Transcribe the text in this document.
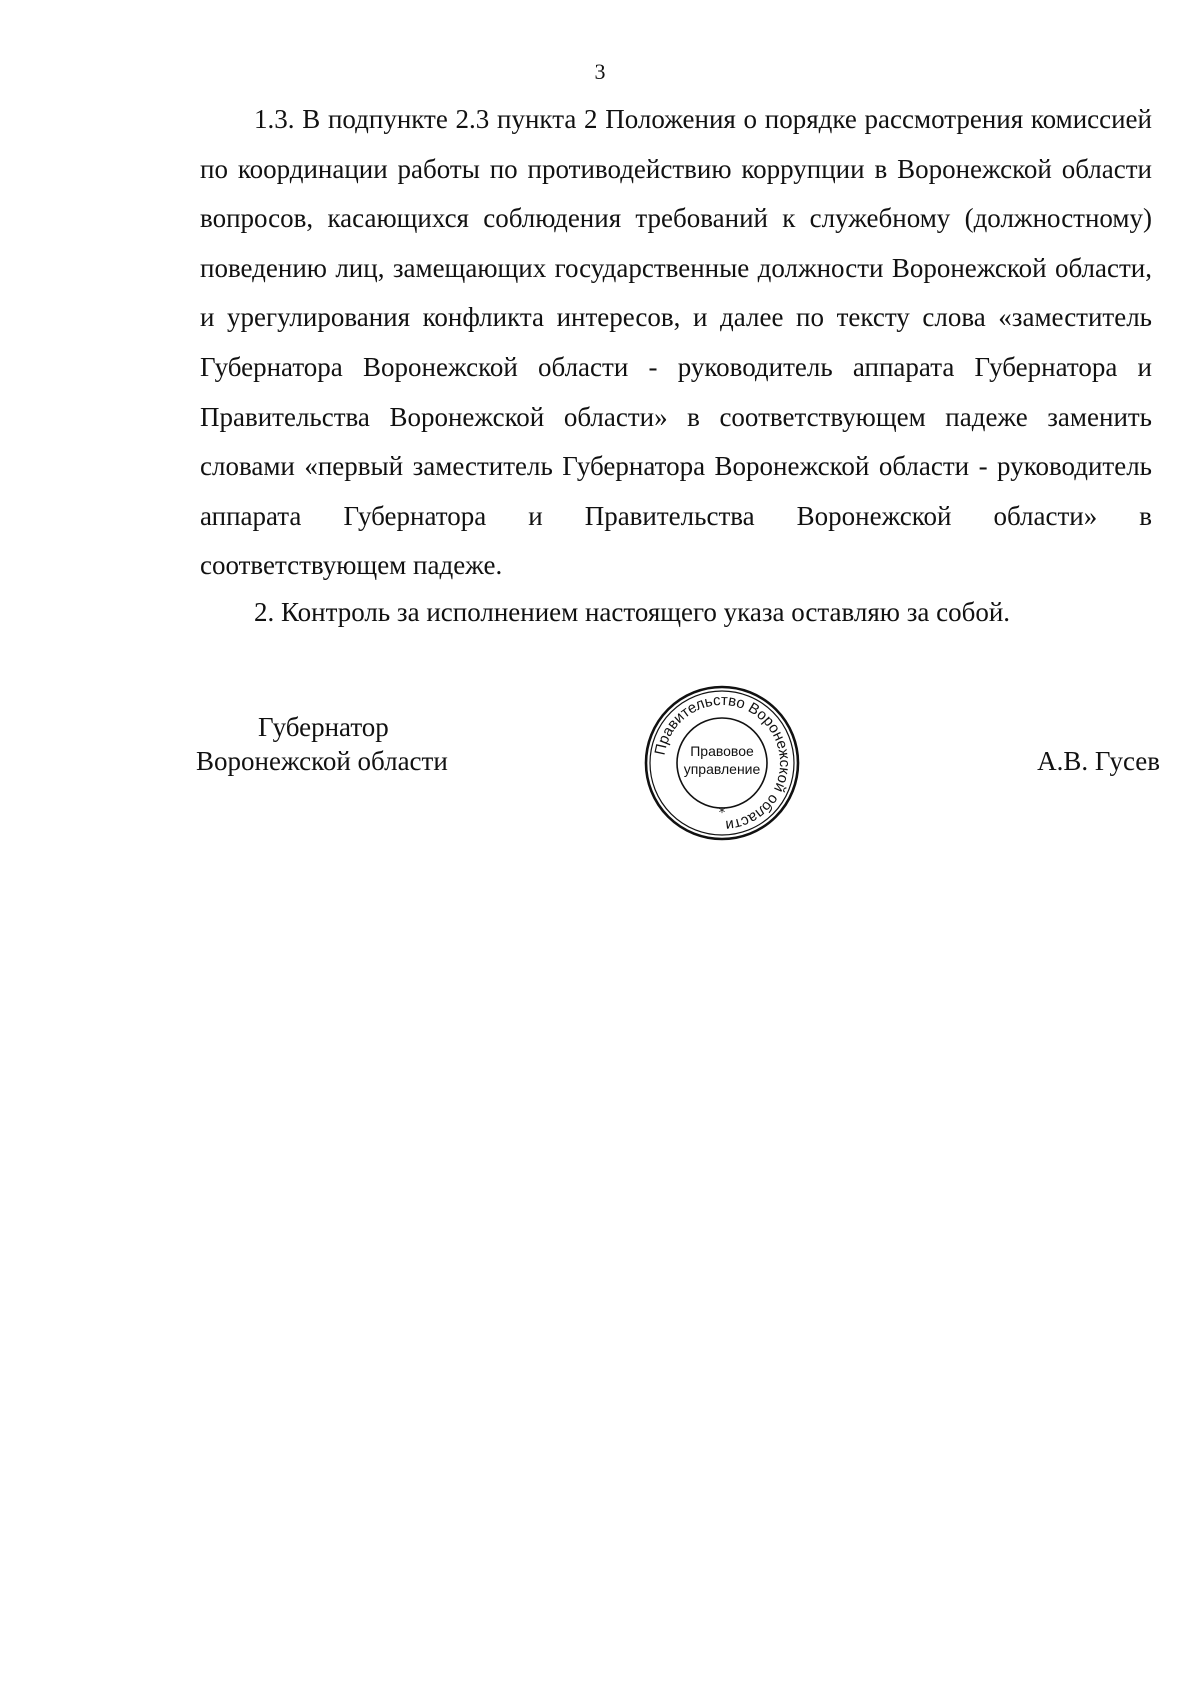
3

1.3. В подпункте 2.3 пункта 2 Положения о порядке рассмотрения комиссией по координации работы по противодействию коррупции в Воронежской области вопросов, касающихся соблюдения требований к служебному (должностному) поведению лиц, замещающих государственные должности Воронежской области, и урегулирования конфликта интересов, и далее по тексту слова «заместитель Губернатора Воронежской области - руководитель аппарата Губернатора и Правительства Воронежской области» в соответствующем падеже заменить словами «первый заместитель Губернатора Воронежской области - руководитель аппарата Губернатора и Правительства Воронежской области» в соответствующем падеже.

2. Контроль за исполнением настоящего указа оставляю за собой.

Губернатор
Воронежской области	Правительство Воронежской области
Правовое
управление
*
А.В. Гусев
